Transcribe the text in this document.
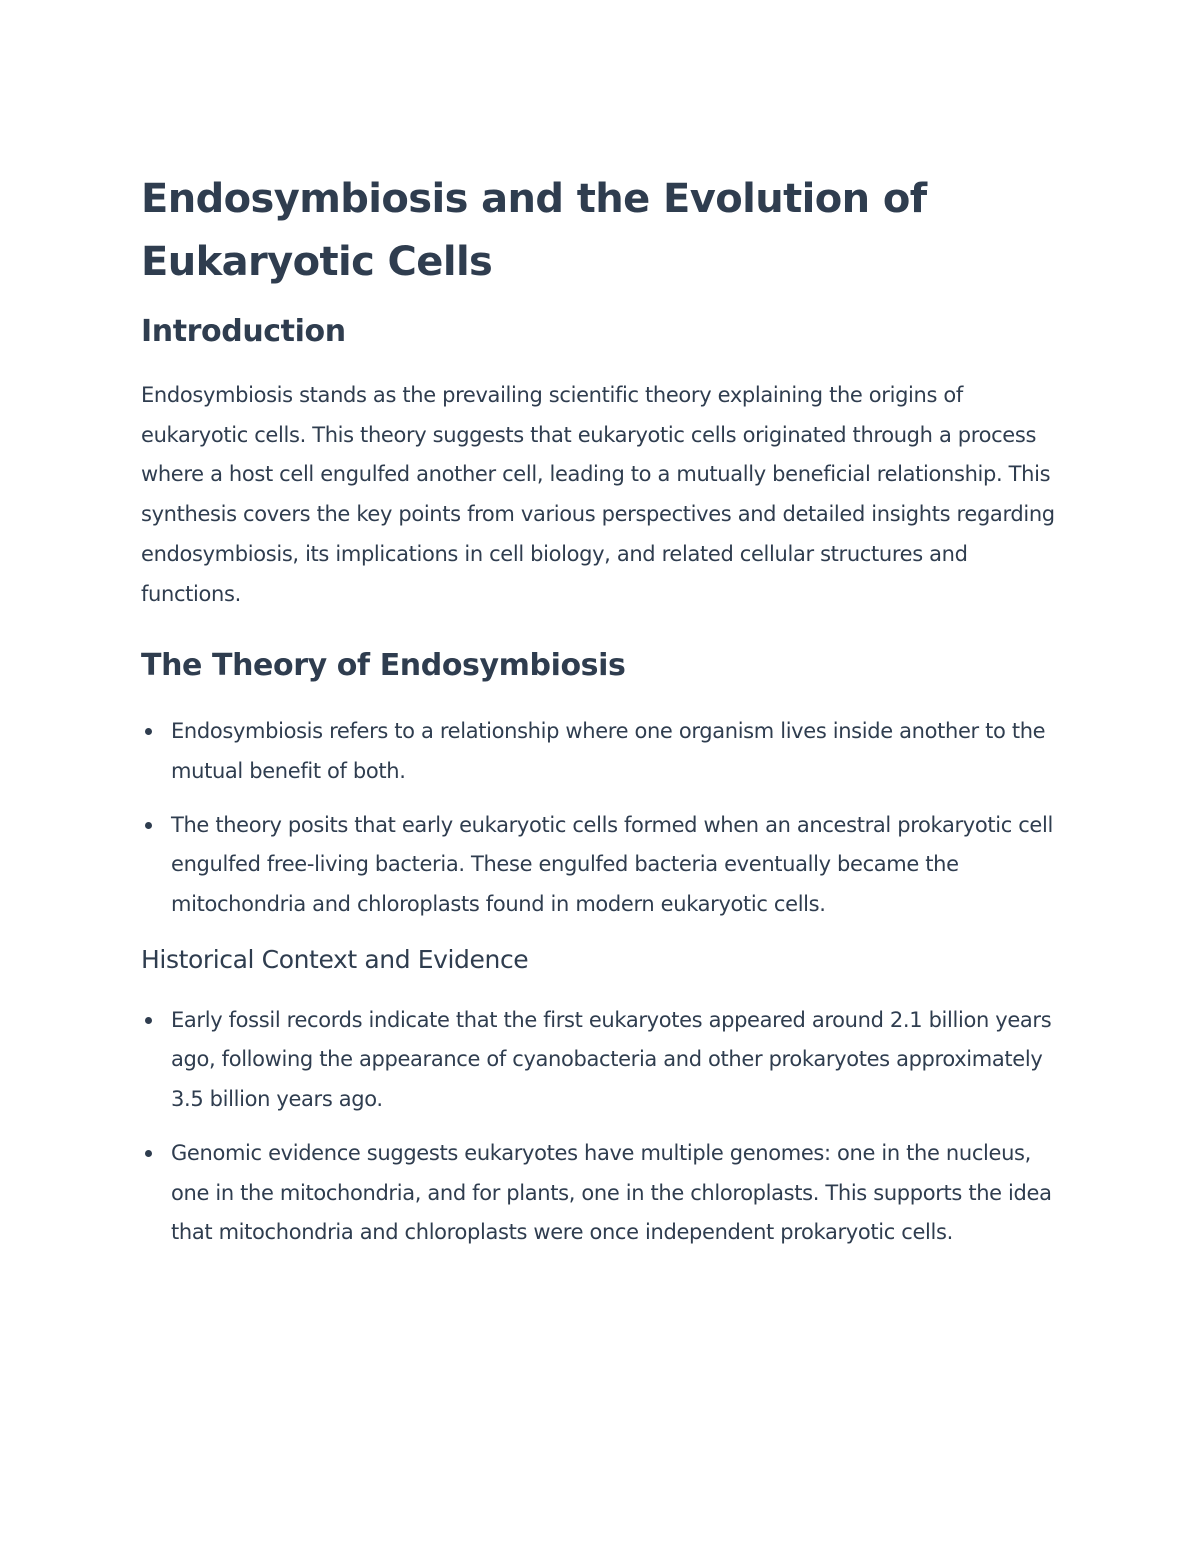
Endosymbiosis and the Evolution of Eukaryotic Cells
Introduction

Endosymbiosis stands as the prevailing scientific theory explaining the origins of eukaryotic cells. This theory suggests that eukaryotic cells originated through a process where a host cell engulfed another cell, leading to a mutually beneficial relationship. This synthesis covers the key points from various perspectives and detailed insights regarding endosymbiosis, its implications in cell biology, and related cellular structures and functions.

The Theory of Endosymbiosis
Endosymbiosis refers to a relationship where one organism lives inside another to the mutual benefit of both.
The theory posits that early eukaryotic cells formed when an ancestral prokaryotic cell engulfed free-living bacteria. These engulfed bacteria eventually became the mitochondria and chloroplasts found in modern eukaryotic cells.
Historical Context and Evidence
Early fossil records indicate that the first eukaryotes appeared around 2.1 billion years ago, following the appearance of cyanobacteria and other prokaryotes approximately 3.5 billion years ago.
Genomic evidence suggests eukaryotes have multiple genomes: one in the nucleus, one in the mitochondria, and for plants, one in the chloroplasts. This supports the idea that mitochondria and chloroplasts were once independent prokaryotic cells.
